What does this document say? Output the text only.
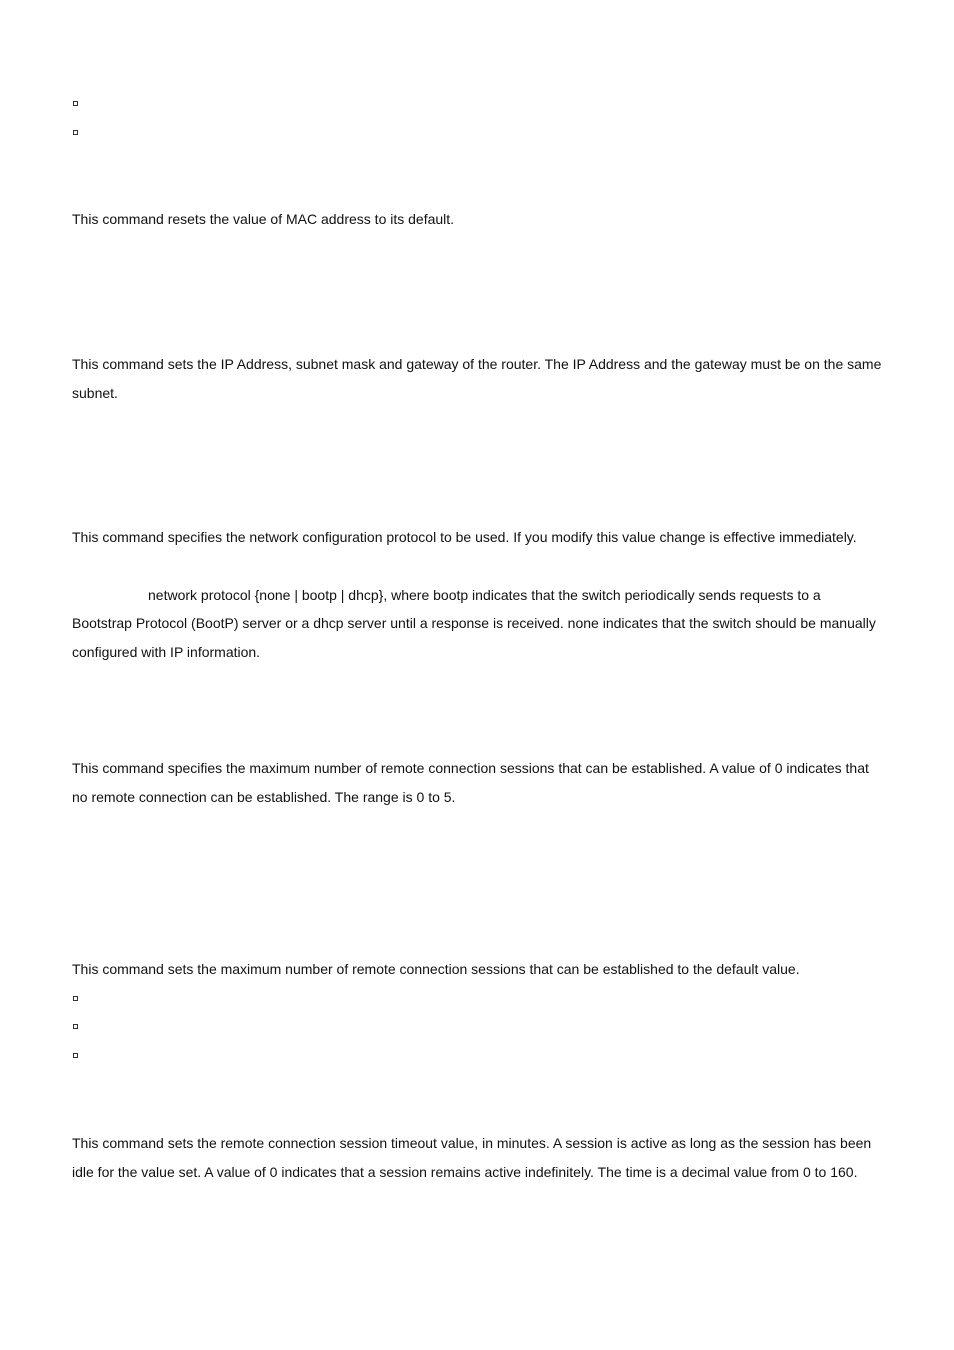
This command resets the value of MAC address to its default.

This command sets the IP Address, subnet mask and gateway of the router. The IP Address and the gateway must be on the same subnet.

This command specifies the network configuration protocol to be used. If you modify this value change is effective immediately.

network protocol {none | bootp | dhcp}, where bootp indicates that the switch periodically sends requests to a

Bootstrap Protocol (BootP) server or a dhcp server until a response is received. none indicates that the switch should be manually configured with IP information.

This command specifies the maximum number of remote connection sessions that can be established. A value of 0 indicates that no remote connection can be established. The range is 0 to 5.

This command sets the maximum number of remote connection sessions that can be established to the default value.

This command sets the remote connection session timeout value, in minutes. A session is active as long as the session has been idle for the value set. A value of 0 indicates that a session remains active indefinitely. The time is a decimal value from 0 to 160.
